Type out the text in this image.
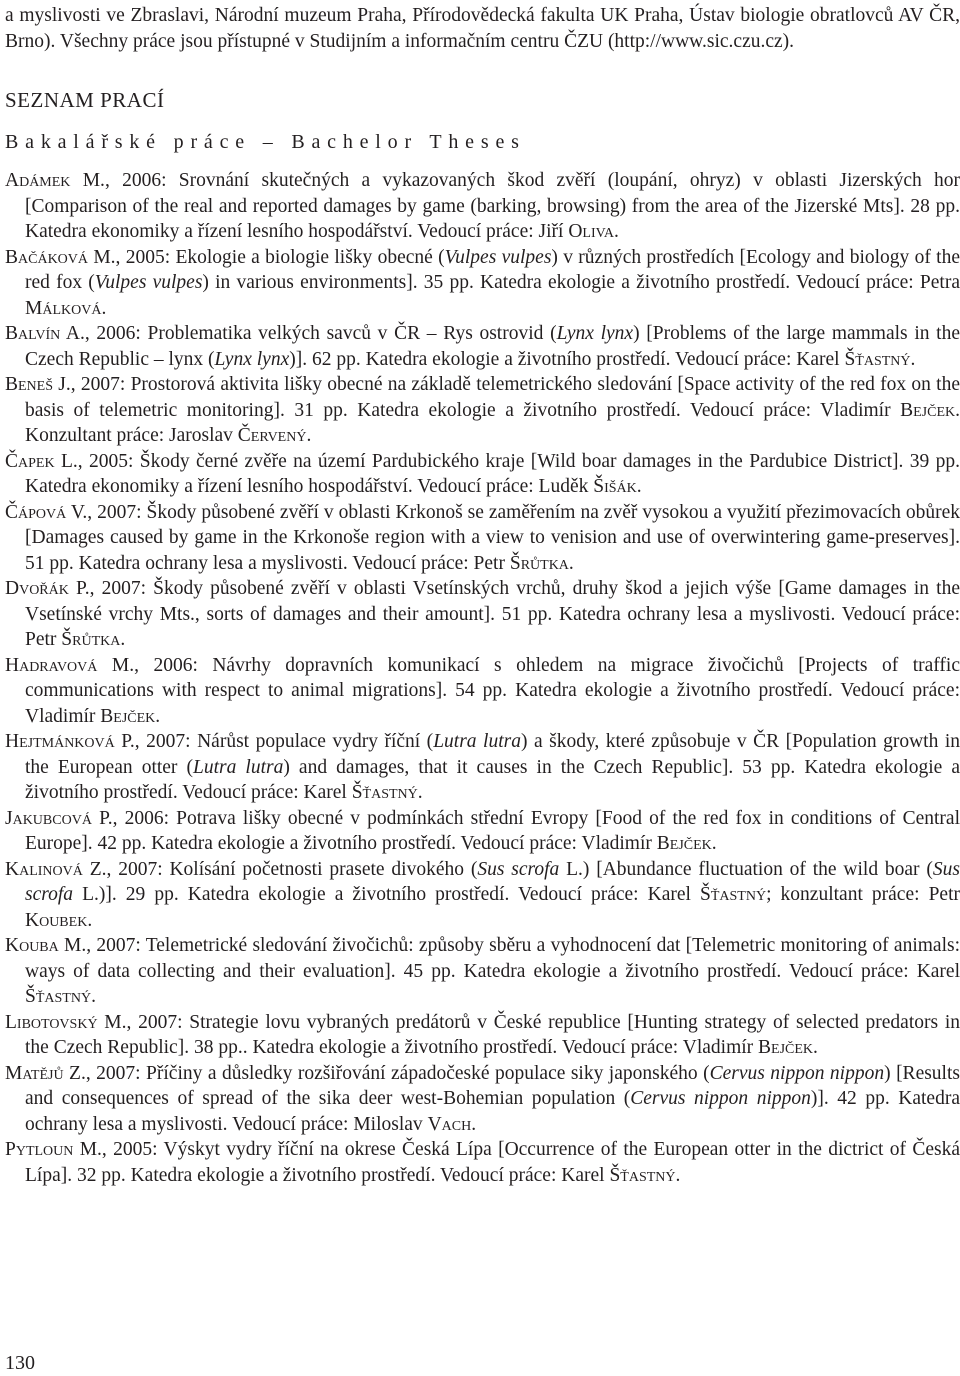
a myslivosti ve Zbraslavi, Národní muzeum Praha, Přírodovědecká fakulta UK Praha, Ústav biologie obratlovců AV ČR, Brno). Všechny práce jsou přístupné v Studijním a informačním centru ČZU (http://www.sic.czu.cz).

SEZNAM PRACÍ
Bakalářské práce – Bachelor Theses

Adámek M., 2006: Srovnání skutečných a vykazovaných škod zvěří (loupání, ohryz) v oblasti Jizerských hor [Comparison of the real and reported damages by game (barking, browsing) from the area of the Jizerské Mts]. 28 pp. Katedra ekonomiky a řízení lesního hospodářství. Vedoucí práce: Jiří Oliva.

Bačáková M., 2005: Ekologie a biologie lišky obecné (Vulpes vulpes) v různých prostředích [Ecology and biology of the red fox (Vulpes vulpes) in various environments]. 35 pp. Katedra ekologie a životního prostředí. Vedoucí práce: Petra Málková.

Balvín A., 2006: Problematika velkých savců v ČR – Rys ostrovid (Lynx lynx) [Problems of the large mammals in the Czech Republic – lynx (Lynx lynx)]. 62 pp. Katedra ekologie a životního prostředí. Vedoucí práce: Karel Šťastný.

Beneš J., 2007: Prostorová aktivita lišky obecné na základě telemetrického sledování [Space activity of the red fox on the basis of telemetric monitoring]. 31 pp. Katedra ekologie a životního prostředí. Vedoucí práce: Vladimír Bejček. Konzultant práce: Jaroslav Červený.

Čapek L., 2005: Škody černé zvěře na území Pardubického kraje [Wild boar damages in the Pardubice District]. 39 pp. Katedra ekonomiky a řízení lesního hospodářství. Vedoucí práce: Luděk Šišák.

Čápová V., 2007: Škody působené zvěří v oblasti Krkonoš se zaměřením na zvěř vysokou a využití přezimovacích obůrek [Damages caused by game in the Krkonoše region with a view to venision and use of overwintering game-preserves]. 51 pp. Katedra ochrany lesa a myslivosti. Vedoucí práce: Petr Šrůtka.

Dvořák P., 2007: Škody působené zvěří v oblasti Vsetínských vrchů, druhy škod a jejich výše [Game damages in the Vsetínské vrchy Mts., sorts of damages and their amount]. 51 pp. Katedra ochrany lesa a myslivosti. Vedoucí práce: Petr Šrůtka.

Hadravová M., 2006: Návrhy dopravních komunikací s ohledem na migrace živočichů [Projects of traffic communications with respect to animal migrations]. 54 pp. Katedra ekologie a životního prostředí. Vedoucí práce: Vladimír Bejček.

Hejtmánková P., 2007: Nárůst populace vydry říční (Lutra lutra) a škody, které způsobuje v ČR [Population growth in the European otter (Lutra lutra) and damages, that it causes in the Czech Republic]. 53 pp. Katedra ekologie a životního prostředí. Vedoucí práce: Karel Šťastný.

Jakubcová P., 2006: Potrava lišky obecné v podmínkách střední Evropy [Food of the red fox in conditions of Central Europe]. 42 pp. Katedra ekologie a životního prostředí. Vedoucí práce: Vladimír Bejček.

Kalinová Z., 2007: Kolísání početnosti prasete divokého (Sus scrofa L.) [Abundance fluctuation of the wild boar (Sus scrofa L.)]. 29 pp. Katedra ekologie a životního prostředí. Vedoucí práce: Karel Šťastný; konzultant práce: Petr Koubek.

Kouba M., 2007: Telemetrické sledování živočichů: způsoby sběru a vyhodnocení dat [Telemetric monitoring of animals: ways of data collecting and their evaluation]. 45 pp. Katedra ekologie a životního prostředí. Vedoucí práce: Karel Šťastný.

Libotovský M., 2007: Strategie lovu vybraných predátorů v České republice [Hunting strategy of selected predators in the Czech Republic]. 38 pp.. Katedra ekologie a životního prostředí. Vedoucí práce: Vladimír Bejček.

Matějů Z., 2007: Příčiny a důsledky rozšiřování západočeské populace siky japonského (Cervus nippon nippon) [Results and consequences of spread of the sika deer west-Bohemian population (Cervus nippon nippon)]. 42 pp. Katedra ochrany lesa a myslivosti. Vedoucí práce: Miloslav Vach.

Pytloun M., 2005: Výskyt vydry říční na okrese Česká Lípa [Occurrence of the European otter in the dictrict of Česká Lípa]. 32 pp. Katedra ekologie a životního prostředí. Vedoucí práce: Karel Šťastný.

130
